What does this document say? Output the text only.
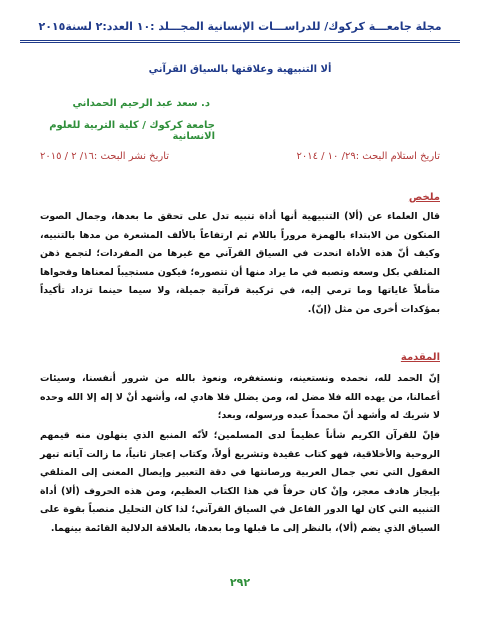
مجلة جامعـــة كركوك/ للدراســـات الإنسانية المجـــلد :١٠ العدد:٢ لسنة٢٠١٥
ألا التنبيهية وعلاقتها بالسياق القرآني
د. سعد عبد الرحيم الحمداني
جامعة كركوك / كلية التربية للعلوم الانسانية
تاريخ استلام البحث :٢٩/ ١٠ / ٢٠١٤
تاريخ نشر البحث :١٦/ ٢ / ٢٠١٥
ملخص
قال العلماء عن (ألا) التنبيهية أنها أداة تنبيه تدل على تحقق ما بعدها، وجمال الصوت المتكون من الابتداء بالهمزة مروراً باللام ثم ارتفاعاً بالألف المشعرة من مدها بالتنبيه، وكيف أنّ هذه الأداة انحدت في السياق القرآني مع غيرها من المفردات؛ لتجمع ذهن المتلقي بكل وسعه وتصبه في ما يراد منها أن تتصوره؛ فيكون مستجيباً لمعناها وفحواها متأملاً غاياتها وما ترمي إليه، في تركيبة قرآنية جميلة، ولا سيما حينما تزداد تأكيداً بمؤكدات أخرى من مثل (إنّ).
المقدمة
إنّ الحمد لله، نحمده ونستعينه، ونستغفره، ونعوذ بالله من شرور أنفسنا، وسيئات أعمالنا، من يهده الله فلا مضل له، ومن يضلل فلا هادي له، وأشهد أنْ لا إله إلا الله وحده لا شريك له وأشهد أنّ محمداً عبده ورسوله، وبعد؛
فإنّ للقرآن الكريم شأناً عظيماً لدى المسلمين؛ لأنّه المنبع الذي ينهلون منه قيمهم الروحية والأخلاقية، فهو كتاب عقيدة وتشريع أولاً، وكتاب إعجاز ثانياً، ما زالت آياته تبهر العقول التي تعي جمال العربية ورصانتها في دقة التعبير وإيصال المعنى إلى المتلقي بإيجاز هادف معجز، وإنْ كان حرفاً في هذا الكتاب العظيم، ومن هذه الحروف (ألا) أداة التنبيه التي كان لها الدور الفاعل في السياق القرآني؛ لذا كان التحليل منصباً بقوة على السياق الذي يضم (ألا)، بالنظر إلى ما قبلها وما بعدها، بالعلاقة الدلالية القائمة بينهما.
٢٩٢
